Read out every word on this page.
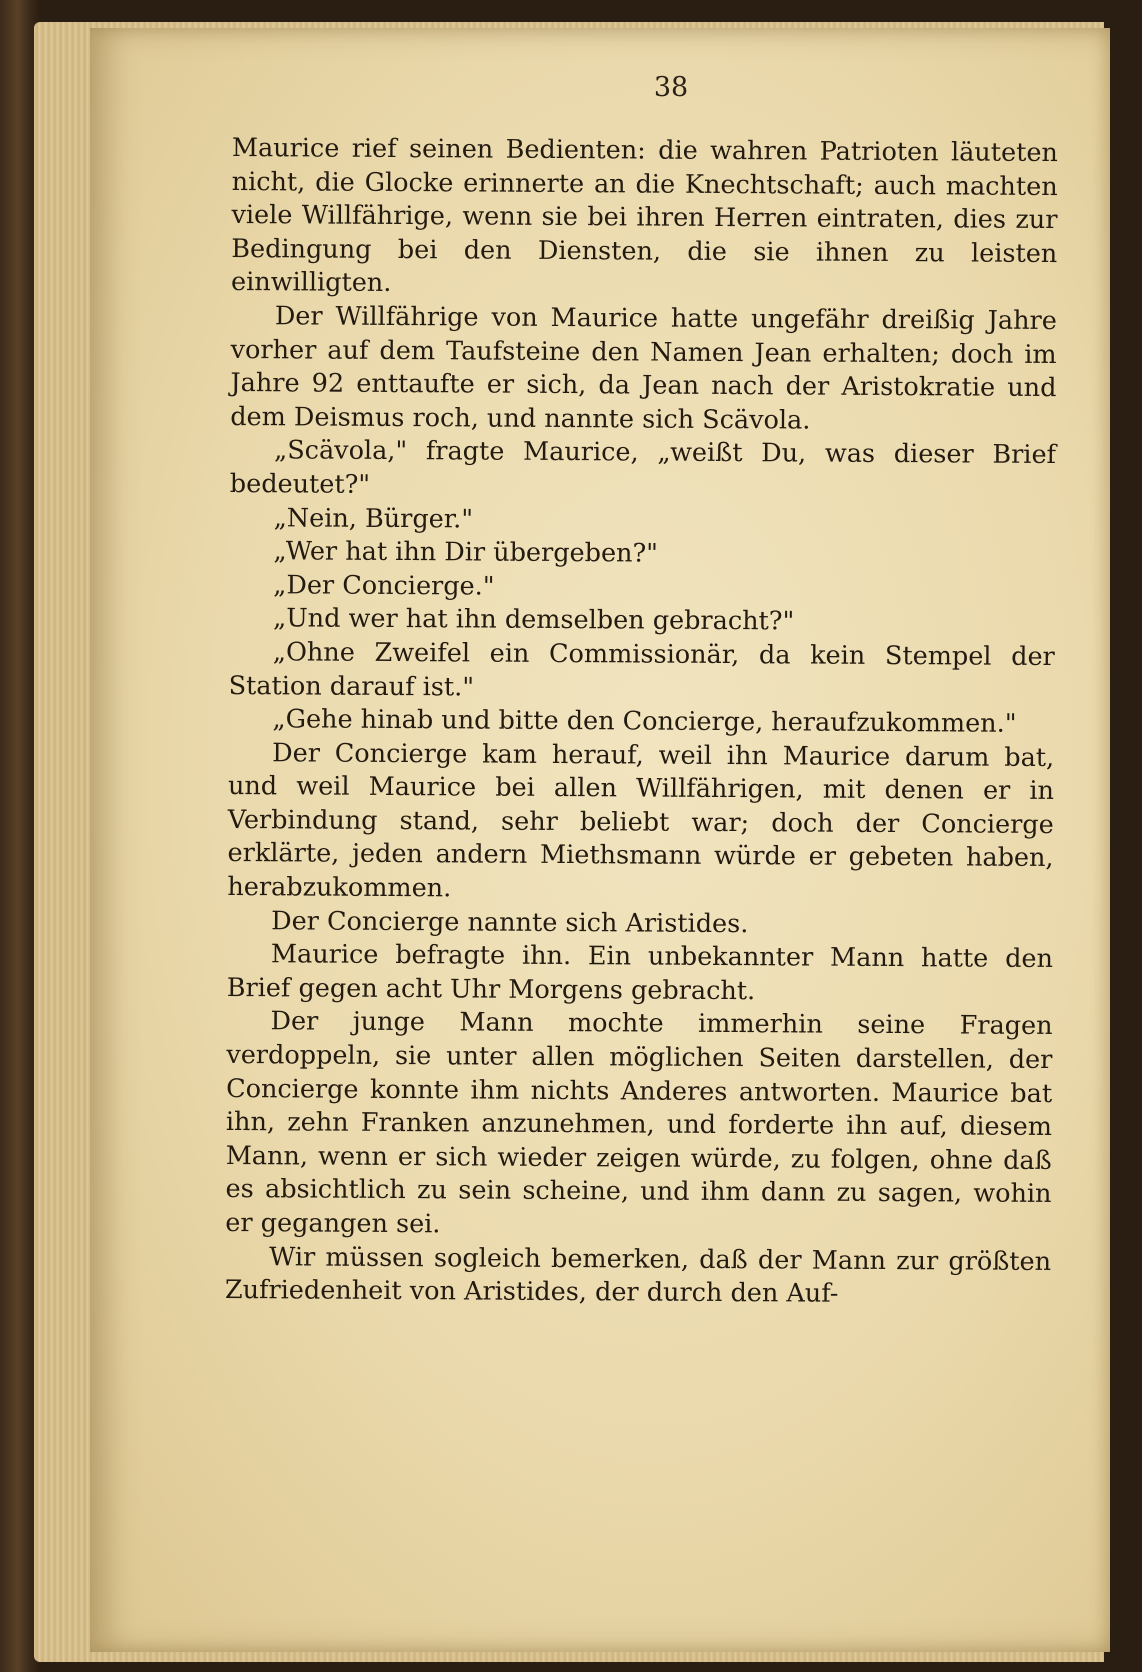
38

Maurice rief seinen Bedienten: die wahren Patrioten läuteten nicht, die Glocke erinnerte an die Knechtschaft; auch machten viele Willfährige, wenn sie bei ihren Herren eintraten, dies zur Bedingung bei den Diensten, die sie ihnen zu leisten einwilligten.

Der Willfährige von Maurice hatte ungefähr dreißig Jahre vorher auf dem Taufsteine den Namen Jean erhalten; doch im Jahre 92 enttaufte er sich, da Jean nach der Aristokratie und dem Deismus roch, und nannte sich Scävola.

„Scävola," fragte Maurice, „weißt Du, was dieser Brief bedeutet?"

„Nein, Bürger."

„Wer hat ihn Dir übergeben?"

„Der Concierge."

„Und wer hat ihn demselben gebracht?"

„Ohne Zweifel ein Commissionär, da kein Stempel der Station darauf ist."

„Gehe hinab und bitte den Concierge, heraufzukommen."

Der Concierge kam herauf, weil ihn Maurice darum bat, und weil Maurice bei allen Willfährigen, mit denen er in Verbindung stand, sehr beliebt war; doch der Concierge erklärte, jeden andern Miethsmann würde er gebeten haben, herabzukommen.

Der Concierge nannte sich Aristides.

Maurice befragte ihn. Ein unbekannter Mann hatte den Brief gegen acht Uhr Morgens gebracht.

Der junge Mann mochte immerhin seine Fragen verdoppeln, sie unter allen möglichen Seiten darstellen, der Concierge konnte ihm nichts Anderes antworten. Maurice bat ihn, zehn Franken anzunehmen, und forderte ihn auf, diesem Mann, wenn er sich wieder zeigen würde, zu folgen, ohne daß es absichtlich zu sein scheine, und ihm dann zu sagen, wohin er gegangen sei.

Wir müssen sogleich bemerken, daß der Mann zur größten Zufriedenheit von Aristides, der durch den Auf-
